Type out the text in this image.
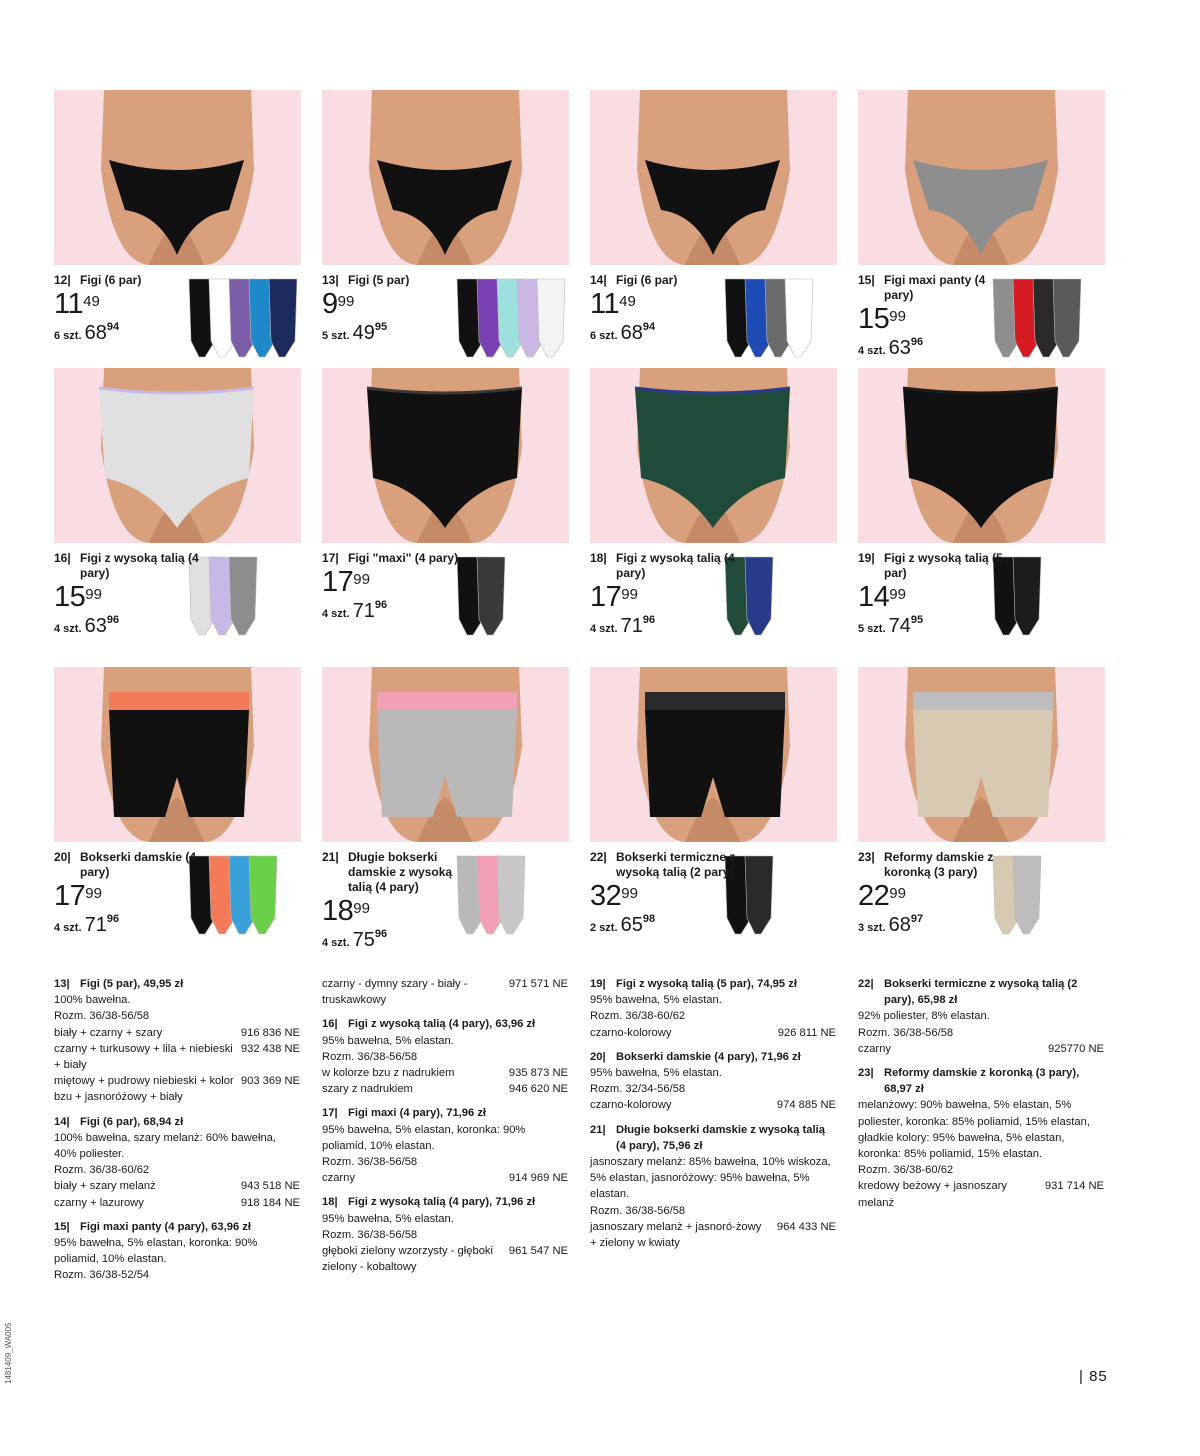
12| Figi (6 par)
1149
6 szt. 6894
13| Figi (5 par)
999
5 szt. 4995
14| Figi (6 par)
1149
6 szt. 6894
15| Figi maxi panty (4 pary)
1599
4 szt. 6396
16| Figi z wysoką talią (4 pary)
1599
4 szt. 6396
17| Figi "maxi" (4 pary)
1799
4 szt. 7196
18| Figi z wysoką talią (4 pary)
1799
4 szt. 7196
19| Figi z wysoką talią (5 par)
1499
5 szt. 7495
20| Bokserki damskie (4 pary)
1799
4 szt. 7196
21| Długie bokserki damskie z wysoką talią (4 pary)
1899
4 szt. 7596
22| Bokserki termiczne z wysoką talią (2 pary)
3299
2 szt. 6598
23| Reformy damskie z koronką (3 pary)
2299
3 szt. 6897
13| Figi (5 par), 49,95 zł
100% bawełna.
Rozm. 36/38-56/58
biały + czarny + szary	916 836 NE
czarny + turkusowy + lila + niebieski + biały
932 438 NE
miętowy + pudrowy niebieski + kolor bzu + jasnoróżowy + biały
903 369 NE
14| Figi (6 par), 68,94 zł
100% bawełna, szary melanż: 60% bawełna, 40% poliester.
Rozm. 36/38-60/62
biały + szary melanż	943 518 NE
czarny + lazurowy	918 184 NE
15| Figi maxi panty (4 pary), 63,96 zł
95% bawełna, 5% elastan, koronka: 90% poliamid, 10% elastan.
Rozm. 36/38-52/54
czarny - dymny szary - biały -truskawkowy
971 571 NE
16| Figi z wysoką talią (4 pary), 63,96 zł
95% bawełna, 5% elastan.
Rozm. 36/38-56/58
w kolorze bzu z nadrukiem	935 873 NE
szary z nadrukiem	946 620 NE
17| Figi maxi (4 pary), 71,96 zł
95% bawełna, 5% elastan, koronka: 90% poliamid, 10% elastan.
Rozm. 36/38-56/58
czarny	914 969 NE
18| Figi z wysoką talią (4 pary), 71,96 zł
95% bawełna, 5% elastan.
Rozm. 36/38-56/58
głęboki zielony wzorzysty - głęboki zielony - kobaltowy
961 547 NE
19| Figi z wysoką talią (5 par), 74,95 zł
95% bawełna, 5% elastan.
Rozm. 36/38-60/62
czarno-kolorowy	926 811 NE
20| Bokserki damskie (4 pary), 71,96 zł
95% bawełna, 5% elastan.
Rozm. 32/34-56/58
czarno-kolorowy	974 885 NE
21| Długie bokserki damskie z wysoką talią (4 pary), 75,96 zł
jasnoszary melanż: 85% bawełna, 10% wiskoza, 5% elastan, jasnoróżowy: 95% bawełna, 5% elastan.
Rozm. 36/38-56/58
jasnoszary melanż + jasnoró-żowy + zielony w kwiaty
964 433 NE
22| Bokserki termiczne z wysoką talią (2 pary), 65,98 zł
92% poliester, 8% elastan.
Rozm. 36/38-56/58
czarny	925770 NE
23| Reformy damskie z koronką (3 pary), 68,97 zł
melanżowy: 90% bawełna, 5% elastan, 5% poliester, koronka: 85% poliamid, 15% elastan, gładkie kolory: 95% bawełna, 5% elastan, koronka: 85% poliamid, 15% elastan.
Rozm. 36/38-60/62
kredowy beżowy + jasnoszary melanż
931 714 NE
| 85
1481409_WA005
